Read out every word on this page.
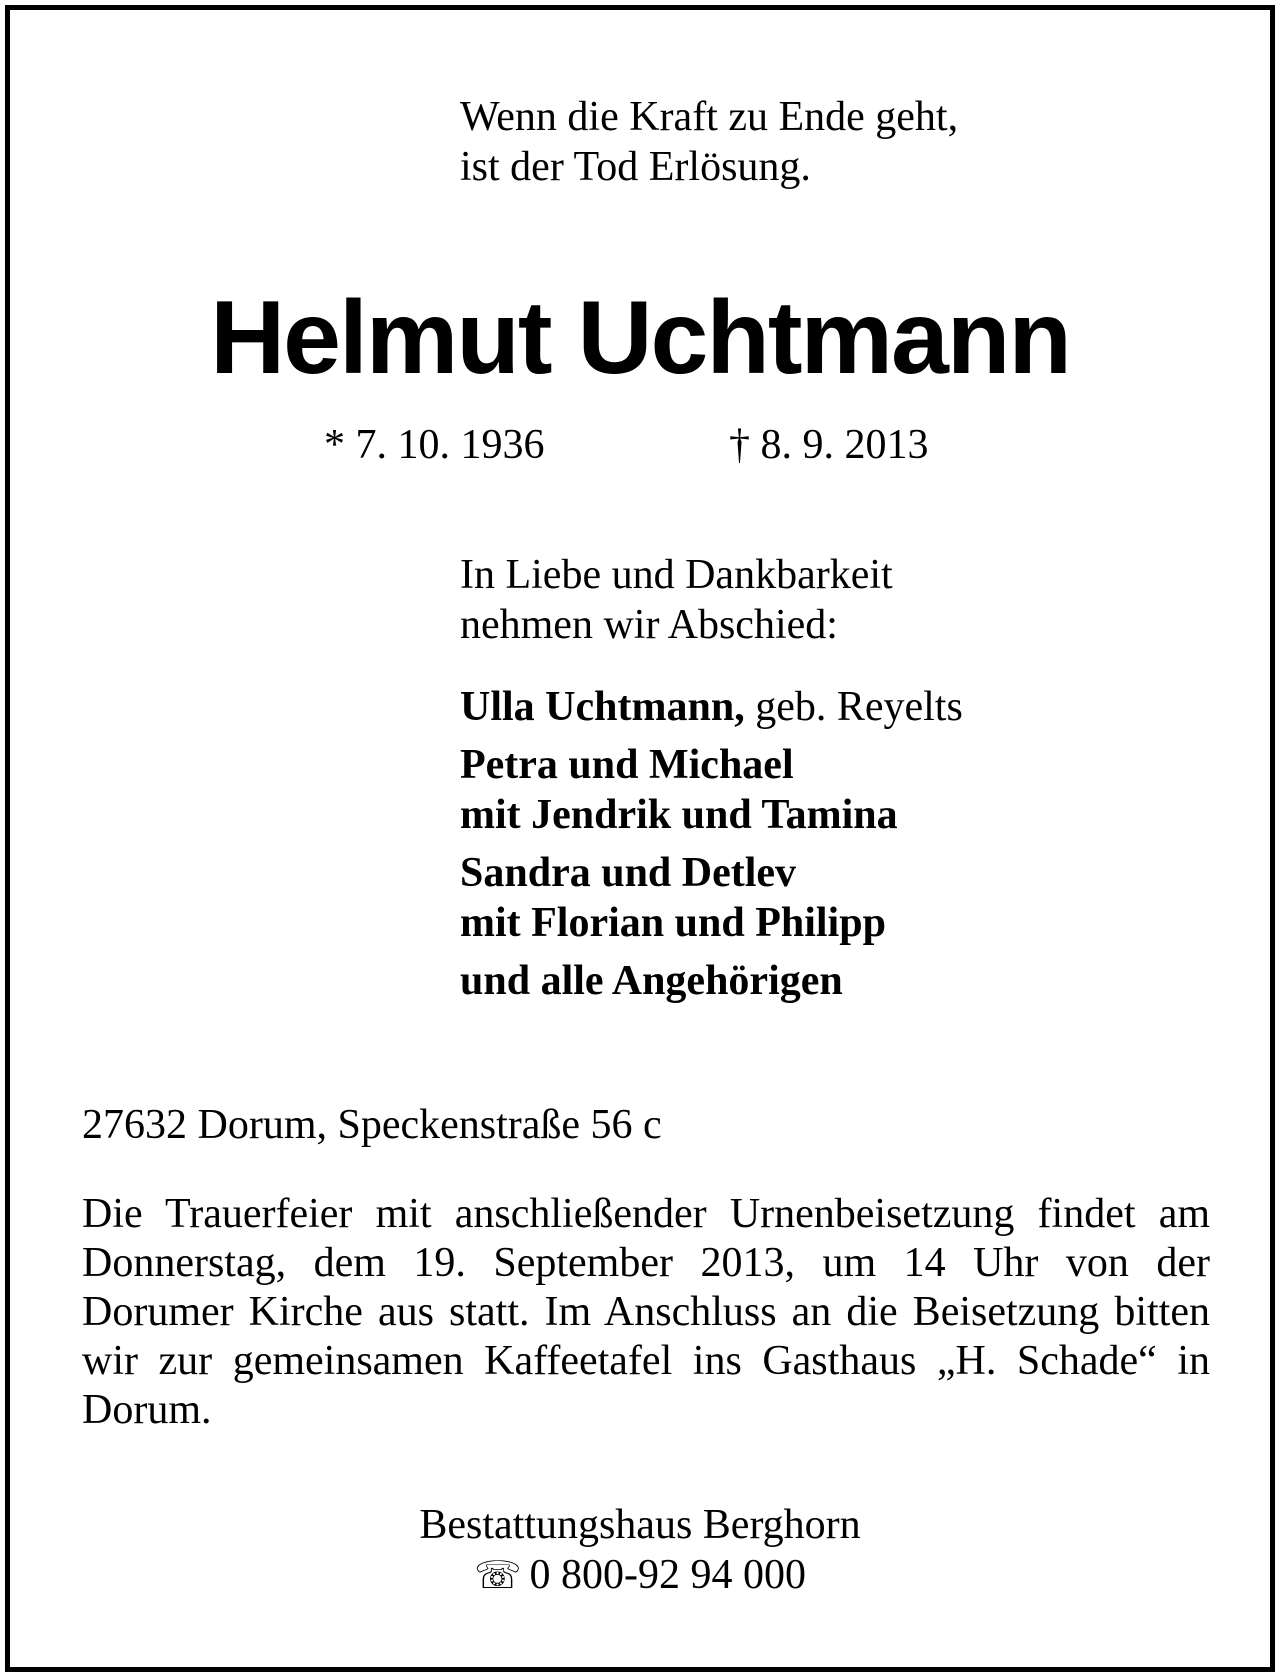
Wenn die Kraft zu Ende geht,
ist der Tod Erlösung.
Helmut Uchtmann
* 7. 10. 1936	† 8. 9. 2013
In Liebe und Dankbarkeit
nehmen wir Abschied:
Ulla Uchtmann, geb. Reyelts
Petra und Michael
mit Jendrik und Tamina
Sandra und Detlev
mit Florian und Philipp
und alle Angehörigen
27632 Dorum, Speckenstraße 56 c
Die Trauerfeier mit anschließender Urnenbeisetzung findet am Donnerstag, dem 19. September 2013, um 14 Uhr von der Dorumer Kirche aus statt. Im Anschluss an die Beisetzung bitten wir zur gemeinsamen Kaffeetafel ins Gasthaus „H. Schade“ in Dorum.
Bestattungshaus Berghorn
☏ 0 800-92 94 000
